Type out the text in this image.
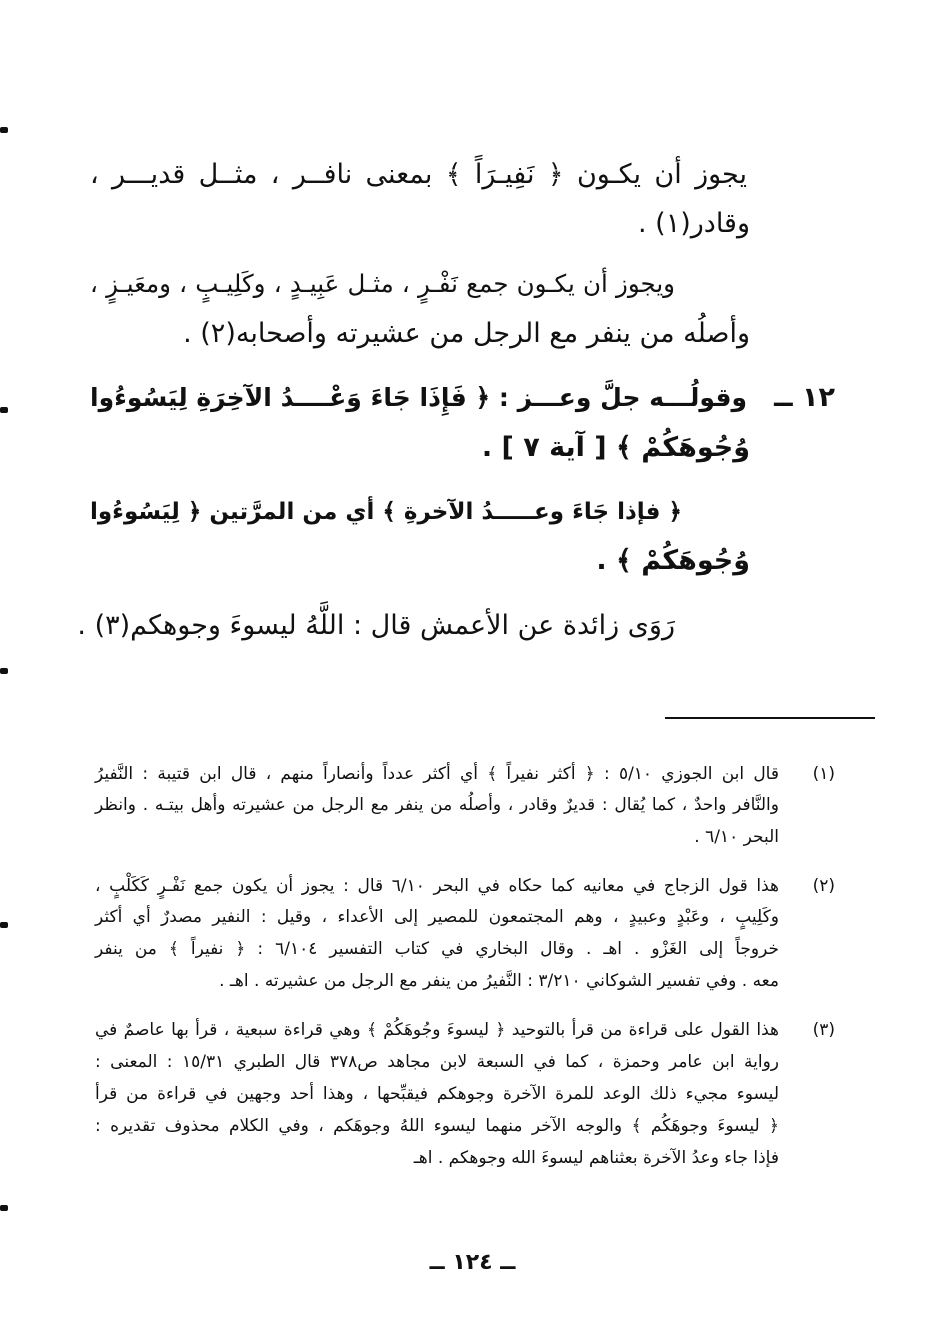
يجوز أن يكـون ﴿ نَفِيـرَاً ﴾ بمعنى نافــر ، مثــل قديـــر ،
وقادر(١) .
ويجوز أن يكـون جمع نَفْـرٍ ، مثـل عَبِيـدٍ ، وكَلِيـبٍ ، ومعَيـزٍ ،
وأصلُه من ينفر مع الرجل من عشيرته وأصحابه(٢) .
١٢ ــ
وقولُـــه جلَّ وعـــز : ﴿ فَإِذَا جَاءَ وَعْــــدُ الآخِرَةِ لِيَسُوءُوا
وُجُوهَكُمْ ﴾ [ آية ٧ ] .
﴿ فإذا جَاءَ وعـــــدُ الآخرةِ ﴾ أي من المرَّتين ﴿ لِيَسُوءُوا
وُجُوهَكُمْ ﴾ .
رَوَى زائدة عن الأعمش قال : اللَّهُ ليسوءَ وجوهكم(٣) .
(١)
قال ابن الجوزي ٥/١٠ : ﴿ أكثر نفيراً ﴾ أي أكثر عدداً وأنصاراً منهم ، قال ابن قتيبة : النَّفيرُ
والنَّافر واحدٌ ، كما يُقال : قديرٌ وقادر ، وأصلُه من ينفر مع الرجل من عشيرته وأهل بيتـه . وانظر
البحر ٦/١٠ .
(٢)
هذا قول الزجاج في معانيه كما حكاه في البحر ٦/١٠ قال : يجوز أن يكون جمع نَفْـرٍ كَكَلْبٍ ،
وكَلِيبٍ ، وعَبْدٍ وعبيدٍ ، وهم المجتمعون للمصير إلى الأعداء ، وقيل : النفير مصدرٌ أي أكثر
خروجاً إلى الغَزْو . اهـ . وقال البخاري في كتاب التفسير ٦/١٠٤ : ﴿ نفيراً ﴾ من ينفر
معه . وفي تفسير الشوكاني ٣/٢١٠ : النَّفيرُ من ينفر مع الرجل من عشيرته . اهـ .
(٣)
هذا القول على قراءة من قرأ بالتوحيد ﴿ ليسوءَ وجُوهَكُمْ ﴾ وهي قراءة سبعية ، قرأ بها عاصمٌ في
رواية ابن عامر وحمزة ، كما في السبعة لابن مجاهد ص٣٧٨ قال الطبري ١٥/٣١ : المعنى :
ليسوء مجيء ذلك الوعد للمرة الآخرة وجوهكم فيقبِّحها ، وهذا أحد وجهين في قراءة من قرأ
﴿ ليسوءَ وجوهَكُم ﴾ والوجه الآخر منهما ليسوء اللهُ وجوهَكم ، وفي الكلام محذوف تقديره :
فإذا جاء وعدُ الآخرة بعثناهم ليسوءَ الله وجوهكم . اهـ
ــ ١٢٤ ــ
